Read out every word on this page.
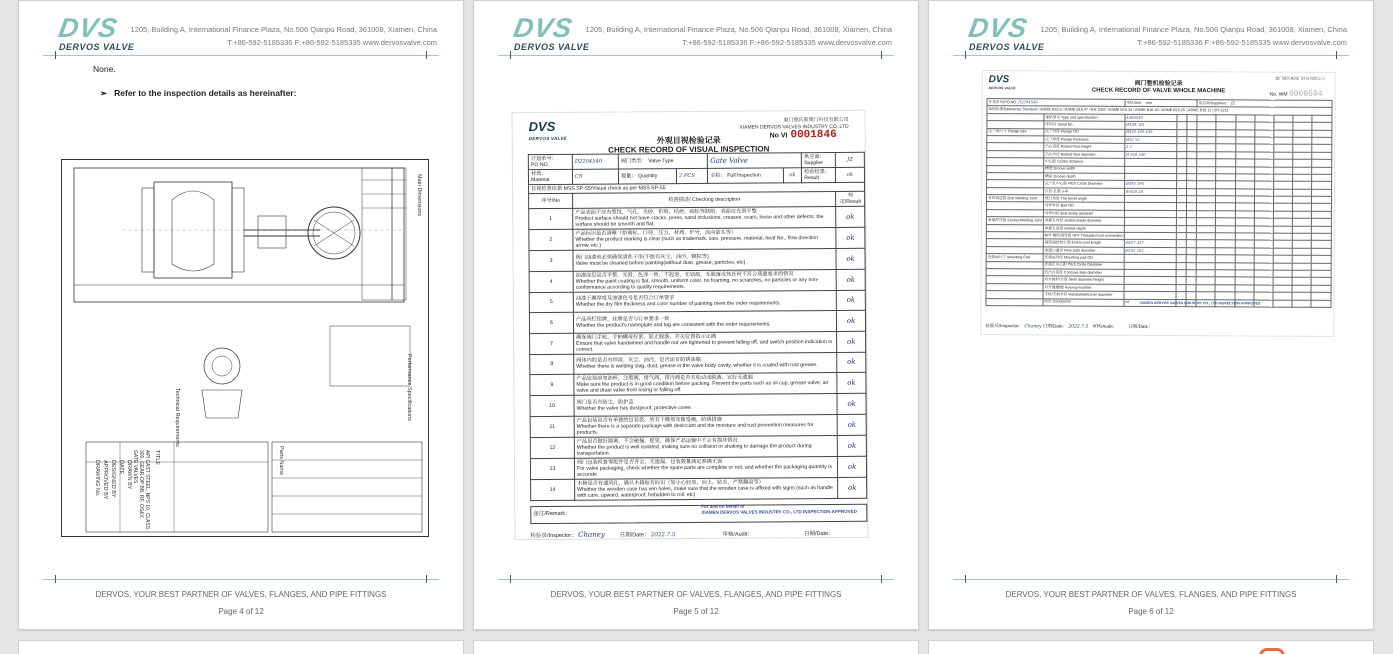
DVS
DERVOS VALVE
1205, Building A, International Finance Plaza, No.506 Qianpu Road, 361008, Xiamen, China
T:+86-592-5185336 F:+86-592-5185335 www.dervosvalve.com
None.
➢ Refer to the inspection details as hereinafter:
Main Dimensions
Performance Specifications
Technical Requirements
TITLE
API CAST STEEL, NPS 10, CLASS 300, GEAR-OP BB, RF, OS&Y, GATE VALVES
DESIGNED BY
APPROVED BY
DRAWING No.	DRAWN BY
DATE	Parts Name
DERVOS, YOUR BEST PARTNER OF VALVES, FLANGES, AND PIPE FITTINGS
Page 4 of 12
DVS
DERVOS VALVE
1205, Building A, International Finance Plaza, No.506 Qianpu Road, 361008, Xiamen, China
T:+86-592-5185336 F:+86-592-5185335 www.dervosvalve.com
DVS
DERVOS VALVE
厦门德沃斯阀门科技有限公司
XIAMEN DERVOS VALVES INDUSTRY CO.,LTD
No VI 0001846
外观目视检验记录
CHECK RECORD OF VISUAL INSPECTION
计划单号：
PO NO.	D2204540	阀门类型： Valve Type		Gate Valve		供应商： Supplier	JZ

材质：
Material	CS	数量： Quantity	2 PCS	全检： Full Inspection	ok	检验结果： Result	ok
目视检查依据 MSS SP-55/Visual check as per MSS SP-55							
序号/No	检查描述/ Checking description						判定/Result
1	产品表面不应有裂纹，气孔，夹砂，折痕，结疤，疏松等缺陷，表面应光滑平整
Product surface should not have cracks, pores, sand inclusions, creases, scars, loose and other defects; the surface should be smooth and flat.						ok
2	产品标识是否清晰（如商标，口径，压力，材质，炉号，流向箭头等）
Whether the product marking is clear (such as trademark, size, pressure, material, heat No., flow direction arrow, etc.)						ok
3	阀门油漆前必须确保清洗干净(不能有灰尘，油污，颗粒等)
Valve must be cleaned before painting(without dust, grease, particles, etc).						ok
4	油漆涂层是否平整，光滑，色泽一致，不起泡，无划痕，无脱落或其任何不符合质量要求的情况
Whether the paint coating is flat, smooth, uniform color, no foaming, no scratches, no particles or any non-conformance according to quality requirements.						ok
5	油漆干膜厚度及油漆色号是否符合订单要求
Whether the dry film thickness and color number of painting meet the order requirements.						ok
6	产品所钉铭牌，挂牌是否与订单要求一致
Whether the product's nameplate and tag are consistent with the order requirements.						ok
7	确保阀门手轮，手柄螺母拧紧，防止脱落，开关位置指示正确
Ensure that valve handwheel and handle nut are tightened to prevent falling off, and switch position indication is correct.						ok
8	阀体内腔是否有焊渣，灰尘，油污，是否涂有防锈油脂
Whether there is welding slag, dust, grease in the valve body cavity, whether it is coated with rust grease.						ok
9	产品包装前如油杯，注脂阀，排气阀，排污阀是否有松动或脱落，完好无遗漏
Make sure the product is in good condition before packing. Prevent the parts such as oil cup, grease valve, air valve and drain valve from losing or falling off.						ok
10	阀门是否有防尘，防护盖
Whether the valve has dustproof, protective cover.						ok
11	产品包装是否有单独的包装袋，放有干燥剂及做受潮，防锈措施
Whether there is a separate package with desiccant and the moisture and rust prevention measures for products.						ok
12	产品是否做好隔离，不会碰撞，摇晃，确保产品运输中不会有损坏情况
Whether the product is well isolated, making sure no collision or shaking to damage the product during transportation.						ok
13	阀门包装检查零配件是否齐全，无遗漏，包装数量满足准确无误
For valve packaging, check whether the spare parts are complete or not, and whether the packaging quantity is accurate.						ok
14	木箱是否有通风孔，确认木箱贴有标识（如小心轻放，向上，防水，严禁翻滚等）
Whether the wooden case has ven holes, make sure that the wooden case is affixed with signs (such as handle with care, upward, waterproof, forbidden to roll, etc)						ok
备注/Remark：
For and on behalf of
XIAMEN DERVOS VALVES INDUSTRY CO., LTD INSPECTION APPROVED
检验员/Inspector： Chaney	日期/Date： 2022.7.5	审核/Audit：	日期/Date：
DERVOS, YOUR BEST PARTNER OF VALVES, FLANGES, AND PIPE FITTINGS
Page 5 of 12
DVS
DERVOS VALVE
1205, Building A, International Finance Plaza, No.506 Qianpu Road, 361008, Xiamen, China
T:+86-592-5185336 F:+86-592-5185335 www.dervosvalve.com
DVS
DERVOS VALVE
厦门德沃斯阀门科技有限公司
阀门整机检验记录
CHECK RECORD OF VALVE WHOLE MACHINE
No. WM 0000504
计划单号/PO NO: D2204540		单位/Unit： mm			供应商/Suppliers： JZ						
参照标准/Reference Standard □ASME B16.5 □ASME B16.47 □EN 1092 □ASME B16.34 □ASME B16.10 □ASME B16.25 □ASME B16.11 □JIS 5211											
	规格型号 Type and specification	A304540									
	序列号 Serial No.	Ø100, 4/5									
法兰端尺寸 Flange size	法兰外径 Flange OD	Ø445 445 445									
	法兰厚度 Flange thickness	Ø52 52									
	凸台高度 Raised face height	2 2									
	凸台外径 Raised face diameter	Ø 340 340									
	中心距 Center distance										
	槽宽 Groove width										
	槽深 Groove depth										
	法兰孔中心距 Pitch Circle Diameter	Ø395 395									
	孔径-孔数 n-Φ	8-Ø28 28									
对焊端连接 Butt Welding Joint	坡口角度 The bevel angle										
	对焊外径 Butt OD										
	对焊内径 Butt inside diameter										
承插焊连接 Socket Welding Joint	承插孔内径 Socket inside diameter										
	承插孔深度 Socket depth										
	NPT 螺纹端连接 NPT Threaded end connection										
	端到端结构长度 End-to-end length	Ø457 457									
	流道口通径 Flow path diameter	Ø252 252									
连接面尺寸 Mounting Pad	连接面外径 Mounting pad OD										
	连接孔中心距 Pitch Circle Diameter										
	凹凸台高度 Concave step diameter										
	对方阀杆/方度 Stem diameter/height										
	对开键槽/键 Keyway/number										
	手轮/手柄外径 Handwheel/Lever diameter										
	结论 Conclusion	ok									
检验员/Inspector： Chaney 日期/Date： 2022.7.5 审核/Audit： 日期/Date：
XIAMEN DERVOS VALVES INDUSTRY CO., LTD INSPECTION APPROVED
DERVOS, YOUR BEST PARTNER OF VALVES, FLANGES, AND PIPE FITTINGS
Page 6 of 12
